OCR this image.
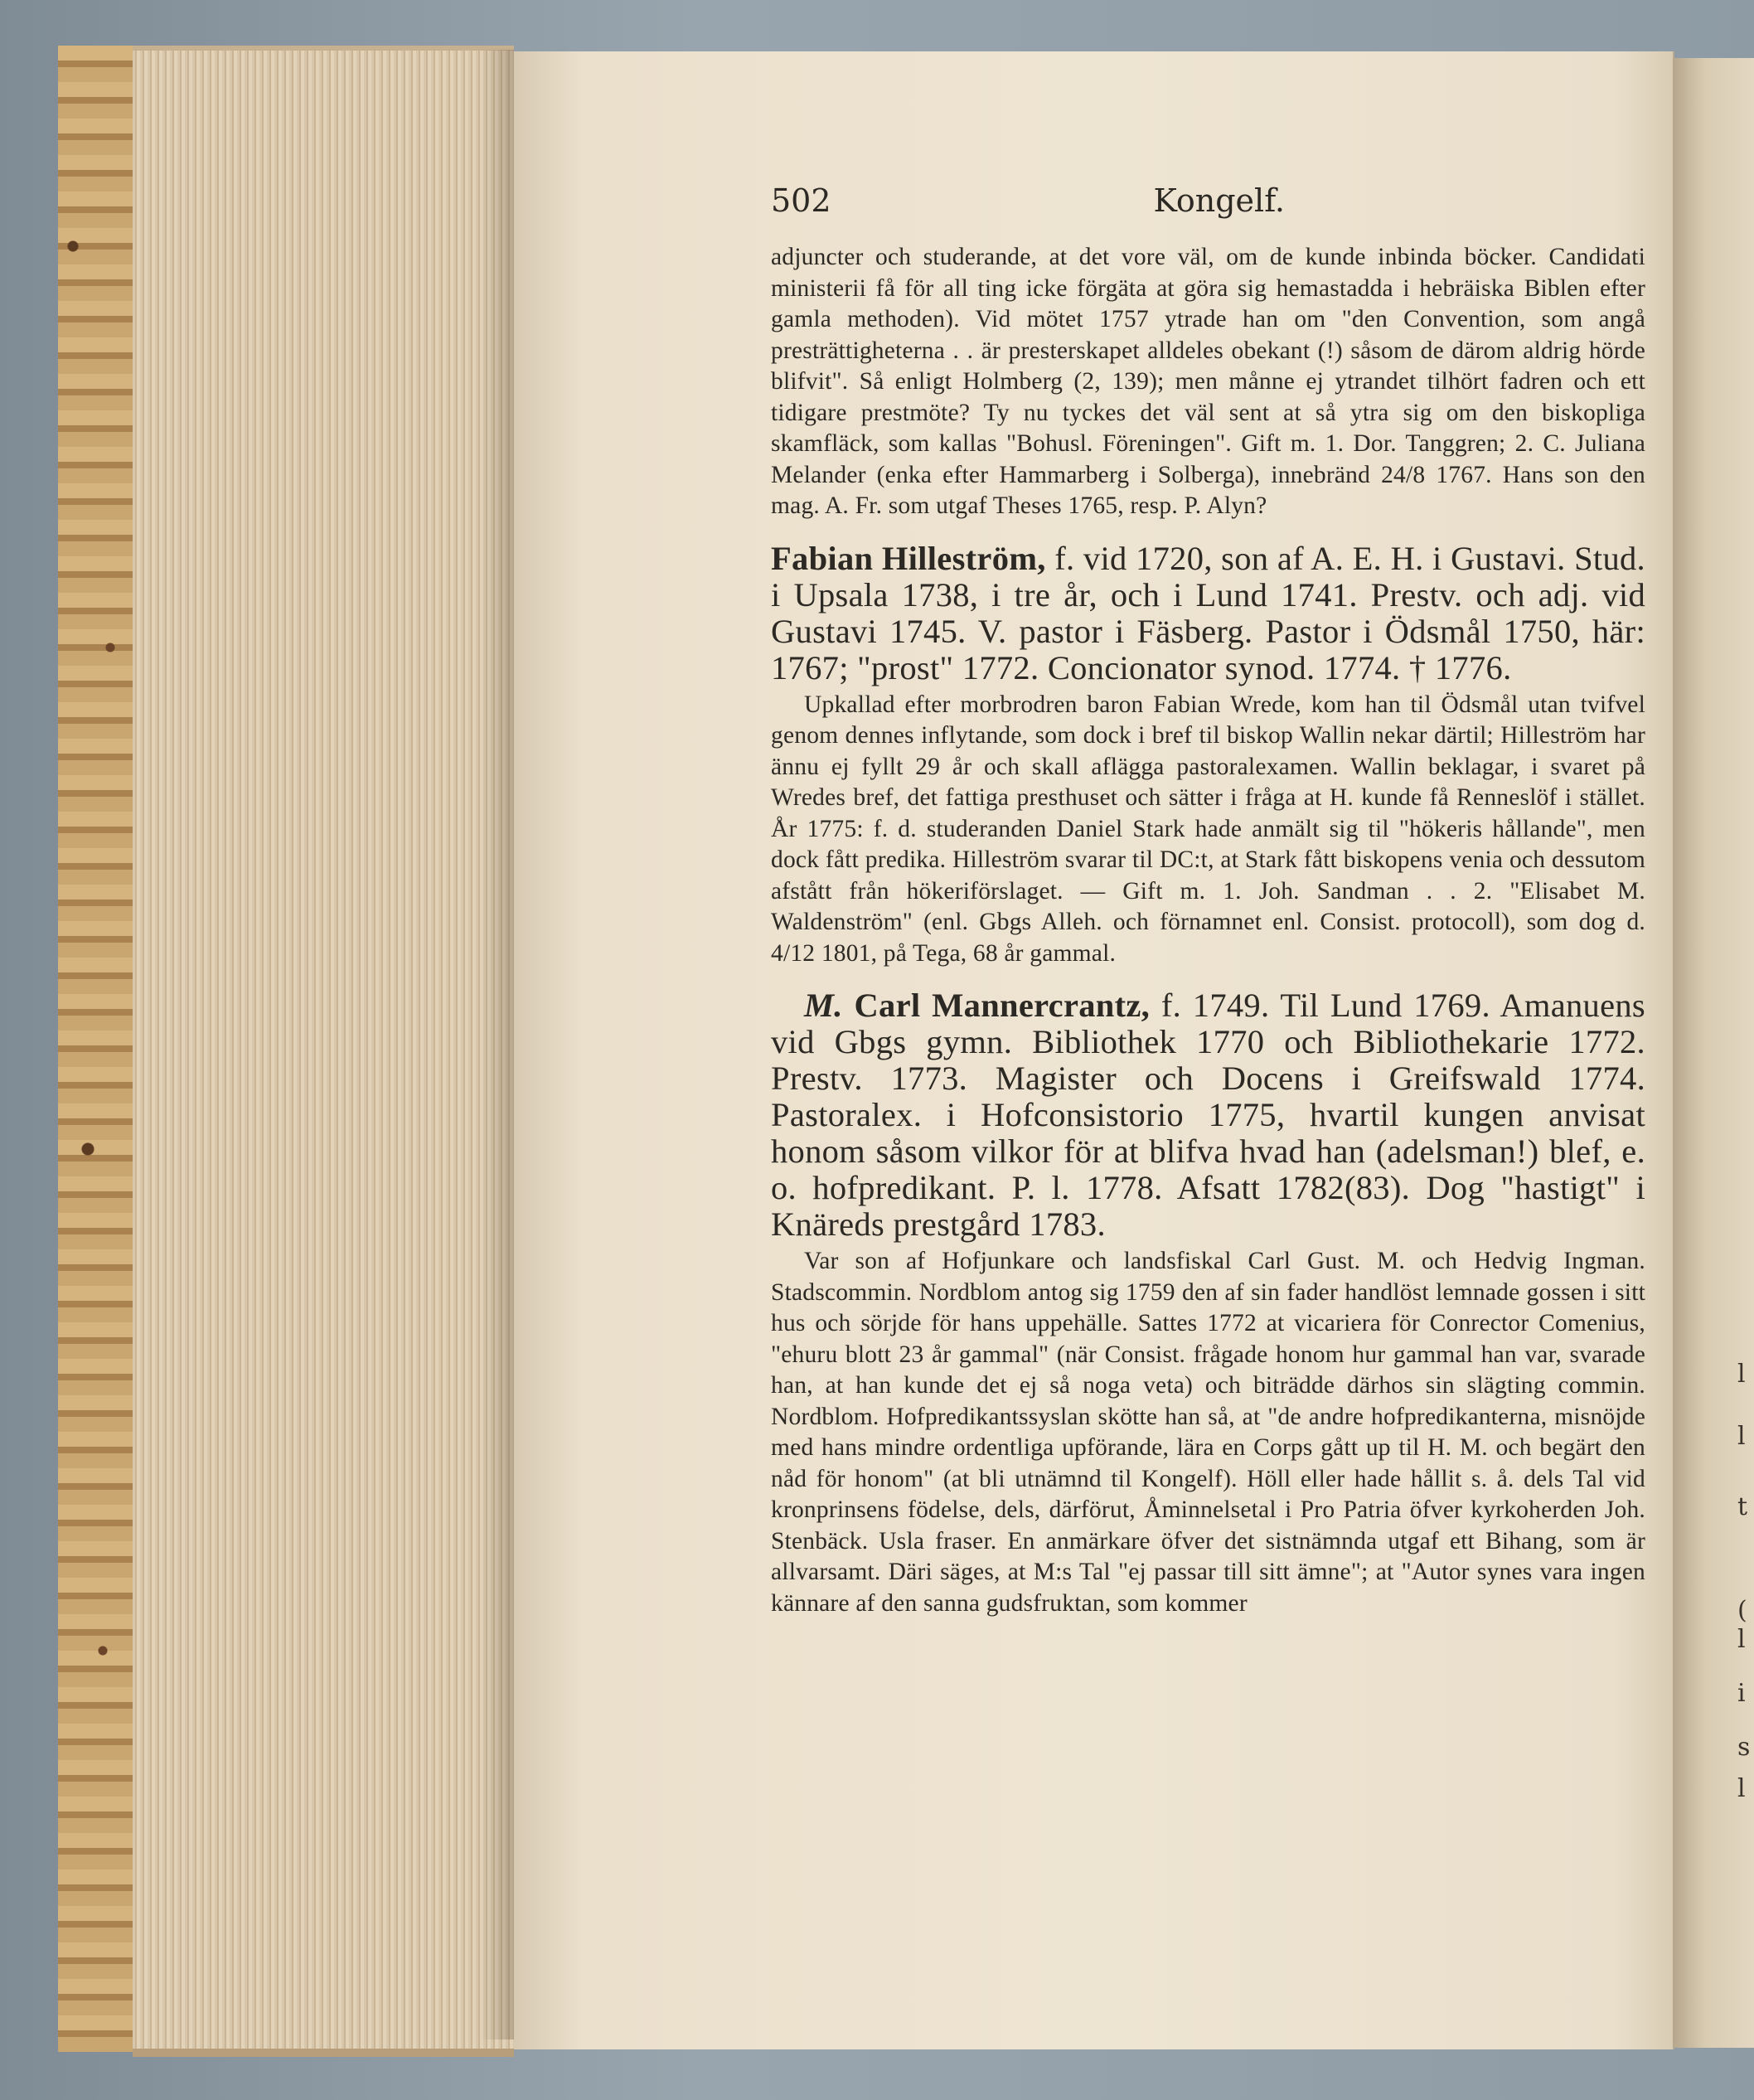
l
l
t
(
l
i
s
l
502	Kongelf.

adjuncter och studerande, at det vore väl, om de kunde inbinda böcker. Candidati ministerii få för all ting icke förgäta at göra sig hemastadda i hebräiska Biblen efter gamla methoden). Vid mötet 1757 ytrade han om "den Convention, som angå presträttigheterna . . är presterskapet alldeles obekant (!) såsom de därom aldrig hörde blifvit". Så enligt Holmberg (2, 139); men månne ej ytrandet tilhört fadren och ett tidigare prestmöte? Ty nu tyckes det väl sent at så ytra sig om den biskopliga skamfläck, som kallas "Bohusl. Föreningen". Gift m. 1. Dor. Tanggren; 2. C. Juliana Melander (enka efter Hammarberg i Solberga), innebränd 24/8 1767. Hans son den mag. A. Fr. som utgaf Theses 1765, resp. P. Alyn?

Fabian Hilleström, f. vid 1720, son af A. E. H. i Gustavi. Stud. i Upsala 1738, i tre år, och i Lund 1741. Prestv. och adj. vid Gustavi 1745. V. pastor i Fäsberg. Pastor i Ödsmål 1750, här: 1767; "prost" 1772. Concionator synod. 1774. † 1776.

Upkallad efter morbrodren baron Fabian Wrede, kom han til Ödsmål utan tvifvel genom dennes inflytande, som dock i bref til biskop Wallin nekar därtil; Hilleström har ännu ej fyllt 29 år och skall aflägga pastoralexamen. Wallin beklagar, i svaret på Wredes bref, det fattiga presthuset och sätter i fråga at H. kunde få Renneslöf i stället. År 1775: f. d. studeranden Daniel Stark hade anmält sig til "hökeris hållande", men dock fått predika. Hilleström svarar til DC:t, at Stark fått biskopens venia och dessutom afstått från hökeriförslaget. — Gift m. 1. Joh. Sandman . . 2. "Elisabet M. Waldenström" (enl. Gbgs Alleh. och förnamnet enl. Consist. protocoll), som dog d. 4/12 1801, på Tega, 68 år gammal.

M. Carl Mannercrantz, f. 1749. Til Lund 1769. Amanuens vid Gbgs gymn. Bibliothek 1770 och Bibliothekarie 1772. Prestv. 1773. Magister och Docens i Greifswald 1774. Pastoralex. i Hofconsistorio 1775, hvartil kungen anvisat honom såsom vilkor för at blifva hvad han (adelsman!) blef, e. o. hofpredikant. P. l. 1778. Afsatt 1782(83). Dog "hastigt" i Knäreds prestgård 1783.

Var son af Hofjunkare och landsfiskal Carl Gust. M. och Hedvig Ingman. Stadscommin. Nordblom antog sig 1759 den af sin fader handlöst lemnade gossen i sitt hus och sörjde för hans uppehälle. Sattes 1772 at vicariera för Conrector Comenius, "ehuru blott 23 år gammal" (när Consist. frågade honom hur gammal han var, svarade han, at han kunde det ej så noga veta) och biträdde därhos sin slägting commin. Nordblom. Hofpredikantssyslan skötte han så, at "de andre hofpredikanterna, misnöjde med hans mindre ordentliga upförande, lära en Corps gått up til H. M. och begärt den nåd för honom" (at bli utnämnd til Kongelf). Höll eller hade hållit s. å. dels Tal vid kronprinsens födelse, dels, därförut, Åminnelsetal i Pro Patria öfver kyrkoherden Joh. Stenbäck. Usla fraser. En anmärkare öfver det sistnämnda utgaf ett Bihang, som är allvarsamt. Däri säges, at M:s Tal "ej passar till sitt ämne"; at "Autor synes vara ingen kännare af den sanna gudsfruktan, som kommer
